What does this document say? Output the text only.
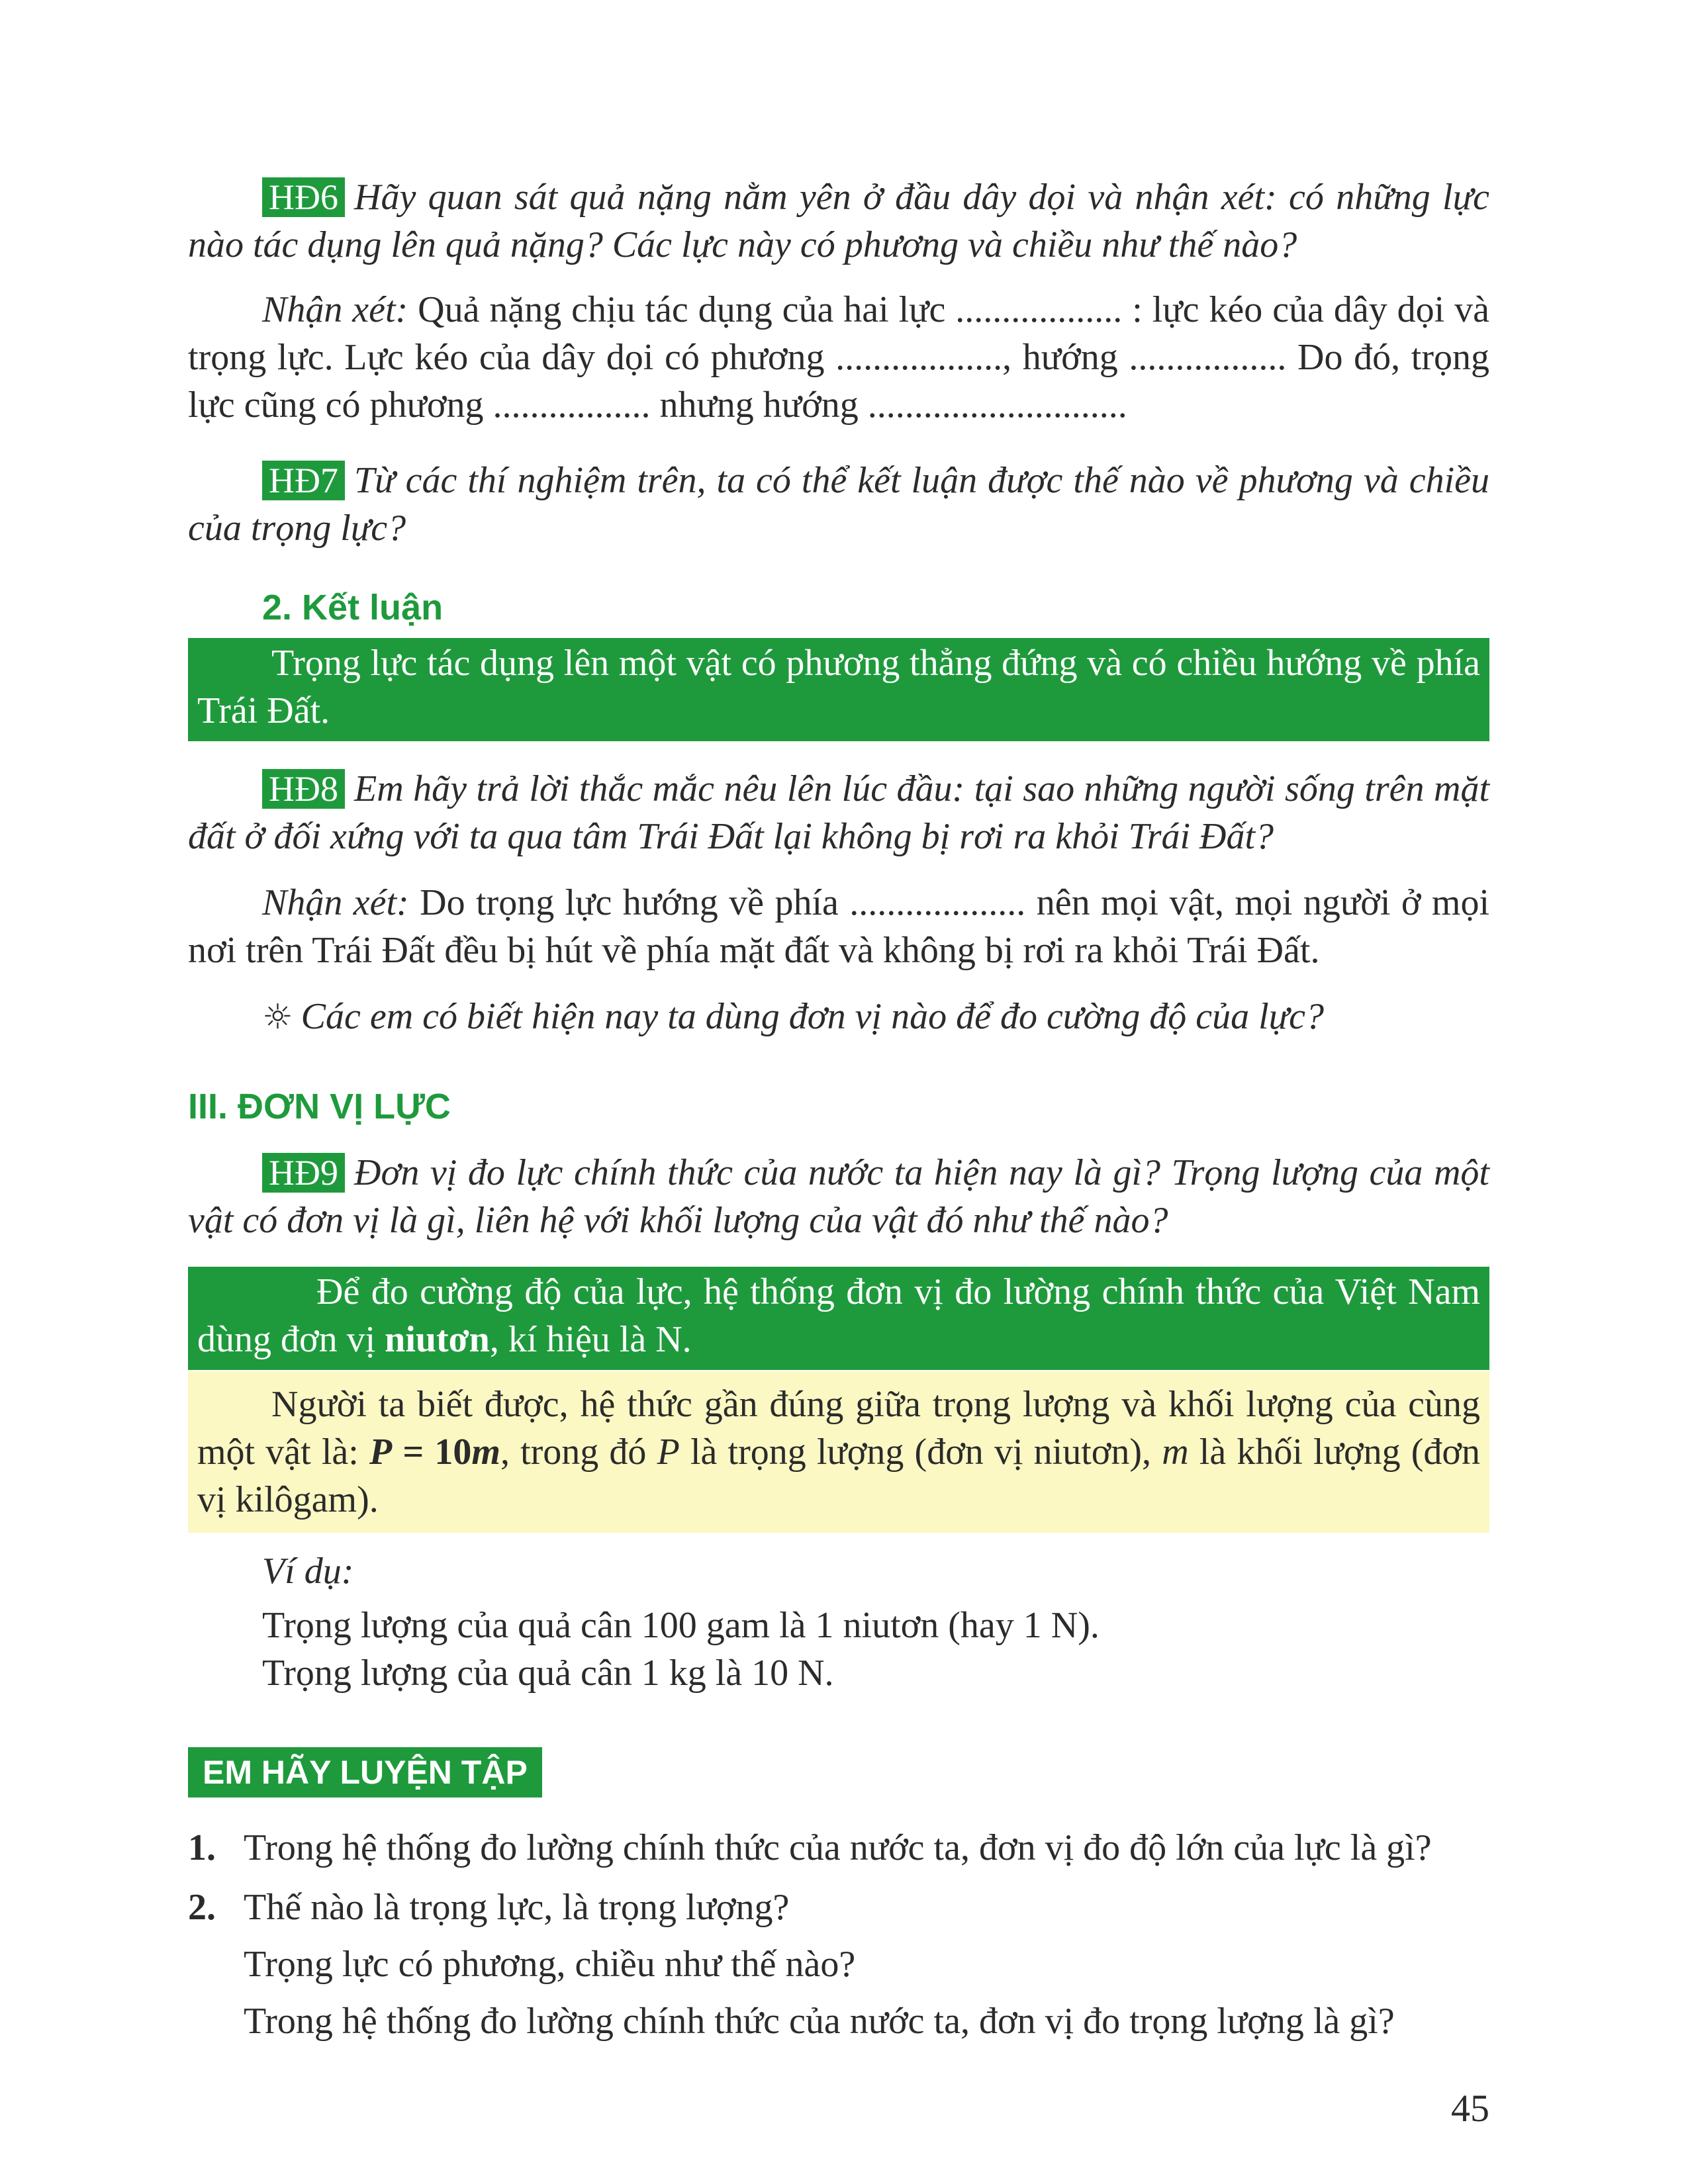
HĐ6 Hãy quan sát quả nặng nằm yên ở đầu dây dọi và nhận xét: có những lực nào tác dụng lên quả nặng? Các lực này có phương và chiều như thế nào?
Nhận xét: Quả nặng chịu tác dụng của hai lực .................. : lực kéo của dây dọi và trọng lực. Lực kéo của dây dọi có phương .................., hướng ................. Do đó, trọng lực cũng có phương ................. nhưng hướng ............................
HĐ7 Từ các thí nghiệm trên, ta có thể kết luận được thế nào về phương và chiều của trọng lực?
2. Kết luận
Trọng lực tác dụng lên một vật có phương thẳng đứng và có chiều hướng về phía Trái Đất.
HĐ8 Em hãy trả lời thắc mắc nêu lên lúc đầu: tại sao những người sống trên mặt đất ở đối xứng với ta qua tâm Trái Đất lại không bị rơi ra khỏi Trái Đất?
Nhận xét: Do trọng lực hướng về phía ................... nên mọi vật, mọi người ở mọi nơi trên Trái Đất đều bị hút về phía mặt đất và không bị rơi ra khỏi Trái Đất.
☼ Các em có biết hiện nay ta dùng đơn vị nào để đo cường độ của lực?
III. ĐƠN VỊ LỰC
HĐ9 Đơn vị đo lực chính thức của nước ta hiện nay là gì? Trọng lượng của một vật có đơn vị là gì, liên hệ với khối lượng của vật đó như thế nào?
Để đo cường độ của lực, hệ thống đơn vị đo lường chính thức của Việt Nam dùng đơn vị niutơn, kí hiệu là N.
Người ta biết được, hệ thức gần đúng giữa trọng lượng và khối lượng của cùng một vật là: P = 10m, trong đó P là trọng lượng (đơn vị niutơn), m là khối lượng (đơn vị kilôgam).
Ví dụ:
Trọng lượng của quả cân 100 gam là 1 niutơn (hay 1 N).
Trọng lượng của quả cân 1 kg là 10 N.
EM HÃY LUYỆN TẬP
1. Trong hệ thống đo lường chính thức của nước ta, đơn vị đo độ lớn của lực là gì?
2. Thế nào là trọng lực, là trọng lượng?
Trọng lực có phương, chiều như thế nào?
Trong hệ thống đo lường chính thức của nước ta, đơn vị đo trọng lượng là gì?
45
